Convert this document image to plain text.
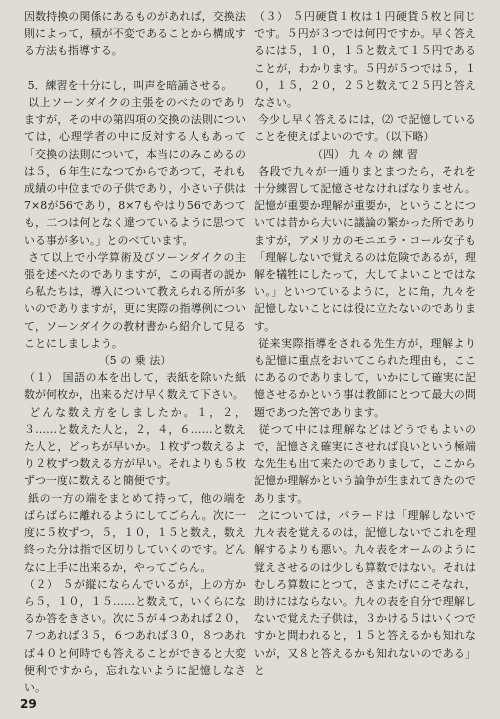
因数持換の関係にあるものがあれば，交換法則によって，積が不変であることから構成する方法も指導する。

5．練習を十分にし，叫声を暗誦させる。
以上ソーンダイクの主張をのべたのでありますが，その中の第四項の交換の法則については，心理学者の中に反対する人もあって「交換の法則について，本当にのみこめるのは５，６年生になつてからであつて，それも成績の中位までの子供であり，小さい子供は7×8が56であり，8×7もやはり56であつても，二つは何となく違つているように思つている事が多い。」とのべています。
さて以上で小学算術及びソーンダイクの主張を述べたのでありますが，この両者の説から私たちは，導入について教えられる所が多いのでありますが，更に実際の指導例について，ソーンダイクの教材書から紹介して見ることにしましよう。

（5 の 乗 法）

（１） 国語の本を出して，表紙を除いた紙数が何枚か，出来るだけ早く数えて下さい。
どんな数え方をしましたか。１，２，３……と数えた人と，２，４，６……と数えた人と，どっちが早いか。１枚ずつ数えるより２枚ずつ数える方が早い。それよりも５枚ずつ一度に数えると簡便です。
紙の一方の端をまとめて持って，他の端をばらばらに離れるようにしてごらん。次に一度に５枚ずつ，５，１０，１５と数え，数え終った分は指で区切りしていくのです。どんなに上手に出来るか，やってごらん。
（２） ５が縦にならんでいるが，上の方から５，１０，１５……と数えて，いくらになるか答をきさい。次に５が４つあれば２０，７つあれば３５，６つあれば３０，８つあれば４０と何時でも答えることができると大変便利ですから，忘れないように記憶しなさい。

（３） ５円硬貨１枚は１円硬貨５枚と同じです。５円が３つでは何円ですか。早く答えるには５，１０，１５と数えて１５円であることが，わかります。５円が５つでは５，１０，１５，２０，２５と数えて２５円と答えなさい。
今少し早く答えるには，⑵ で記憶していることを使えばよいのです。（以下略）

（四） 九 々 の 練 習

各段で九々が一通りまとまつたら，それを十分練習して記憶させなければなりません。記憶が重要か理解が重要か，ということについては昔から大いに議論の繁かった所でありますが，アメリカのモニエラ・コール女子も「理解しないで覚えるのは危険であるが，理解を犠牲にしたって，大してよいことではない。」といつているように，とに角，九々を記憶しないことには役に立たないのであります。
従来実際指導をされる先生方が，理解よりも記憶に重点をおいてこられた理由も，ここにあるのでありまして，いかにして確実に記憶させるかという事は教師にとつて最大の問題であつた筈であります。
従つて中には理解などはどうでもよいので，記憶さえ確実にさせれば良いという極端な先生も出て来たのでありまして，ここから記憶か理解かという論争が生まれてきたのであります。
之については，バラードは「理解しないで九々表を覚えるのは，記憶しないでこれを理解するよりも悪い。九々表をオームのように覚えさせるのは少しも算数ではない。それはむしろ算数にとつて，さまたげにこそなれ，助けにはならない。九々の表を自分で理解しないで覚えた子供は，３かける５はいくつですかと問われると，１５と答えるかも知れないが，又８と答えるかも知れないのである」と

29
